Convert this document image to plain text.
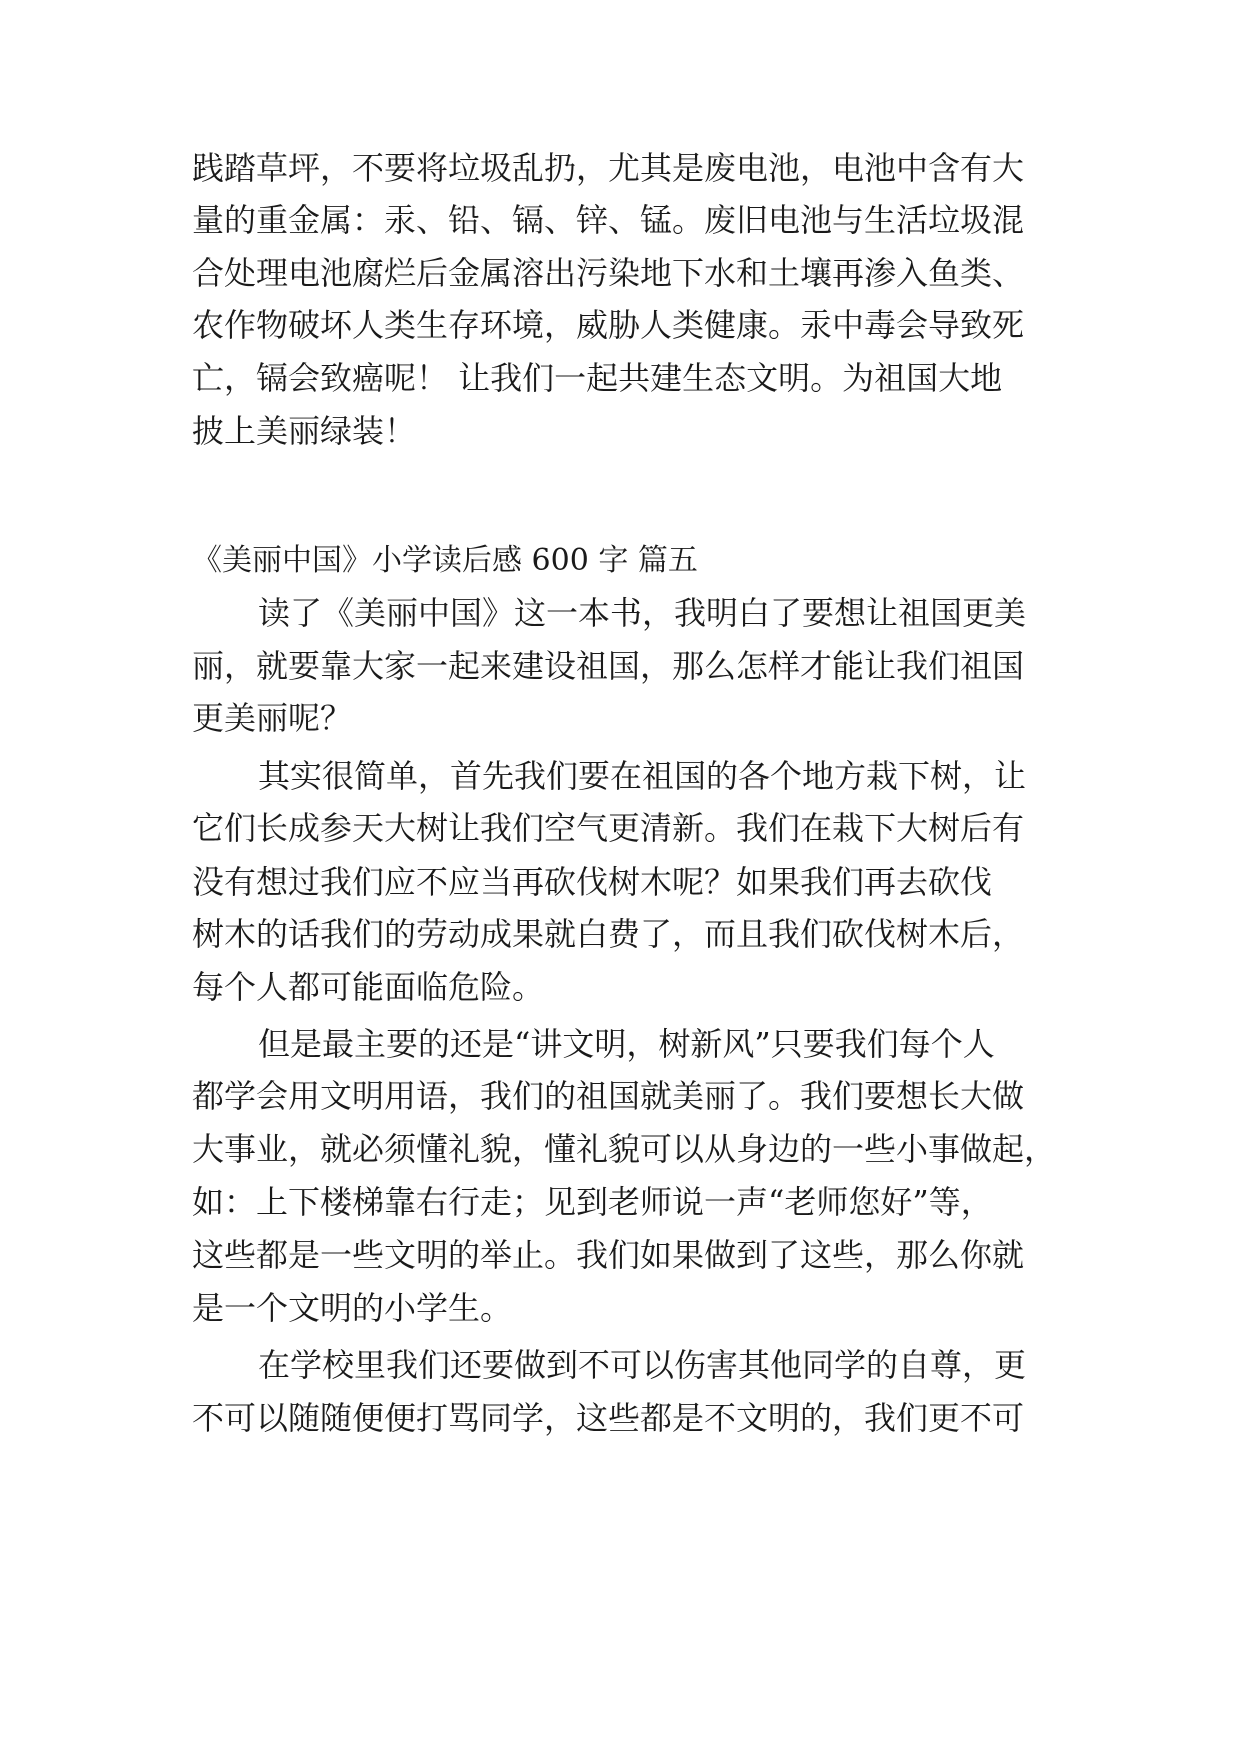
践踏草坪，不要将垃圾乱扔，尤其是废电池，电池中含有大
量的重金属：汞、铅、镉、锌、锰。废旧电池与生活垃圾混
合处理电池腐烂后金属溶出污染地下水和土壤再渗入鱼类、
农作物破坏人类生存环境，威胁人类健康。汞中毒会导致死
亡，镉会致癌呢！ 让我们一起共建生态文明。为祖国大地
披上美丽绿装！
《美丽中国》小学读后感 600 字 篇五
读了《美丽中国》这一本书，我明白了要想让祖国更美
丽，就要靠大家一起来建设祖国，那么怎样才能让我们祖国
更美丽呢？
其实很简单，首先我们要在祖国的各个地方栽下树，让
它们长成参天大树让我们空气更清新。我们在栽下大树后有
没有想过我们应不应当再砍伐树木呢？如果我们再去砍伐
树木的话我们的劳动成果就白费了，而且我们砍伐树木后，
每个人都可能面临危险。
但是最主要的还是“讲文明，树新风”只要我们每个人
都学会用文明用语，我们的祖国就美丽了。我们要想长大做
大事业，就必须懂礼貌，懂礼貌可以从身边的一些小事做起，
如：上下楼梯靠右行走；见到老师说一声“老师您好”等，
这些都是一些文明的举止。我们如果做到了这些，那么你就
是一个文明的小学生。
在学校里我们还要做到不可以伤害其他同学的自尊，更
不可以随随便便打骂同学，这些都是不文明的，我们更不可
